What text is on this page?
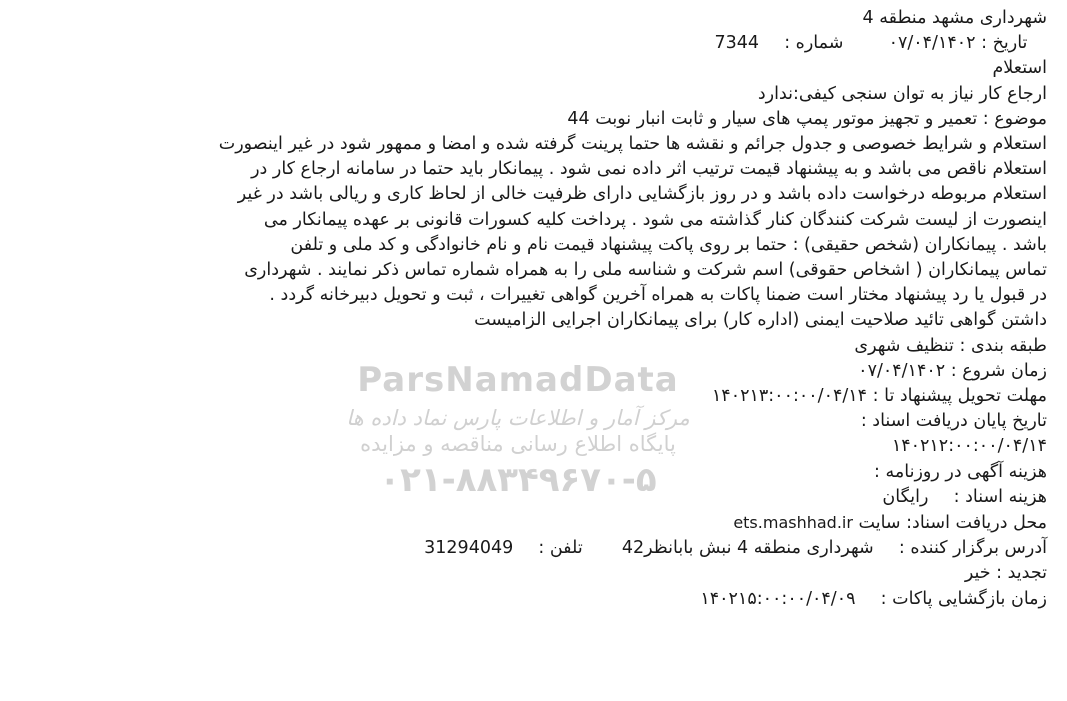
شهرداری مشهد منطقه 4
تاریخ : ۰۷/۰۴/۱۴۰۲  شماره :  7344
استعلام
ارجاع کار نیاز به توان سنجی کیفی:ندارد
موضوع : تعمیر و تجهیز موتور پمپ های سیار و ثابت انبار نوبت 44
استعلام و شرایط خصوصی و جدول جرائم و نقشه ها حتما پرینت گرفته شده و امضا و ممهور شود در غیر اینصورت
استعلام ناقص می باشد و به پیشنهاد قیمت ترتیب اثر داده نمی شود . پیمانکار باید حتما در سامانه ارجاع کار در
استعلام مربوطه درخواست داده باشد و در روز بازگشایی دارای ظرفیت خالی از لحاظ کاری و ریالی باشد در غیر
اینصورت از لیست شرکت کنندگان کنار گذاشته می شود . پرداخت کلیه کسورات قانونی بر عهده پیمانکار می
باشد . پیمانکاران (شخص حقیقی) : حتما بر روی پاکت پیشنهاد قیمت نام و نام خانوادگی و کد ملی و تلفن
تماس پیمانکاران ( اشخاص حقوقی) اسم شرکت و شناسه ملی را به همراه شماره تماس ذکر نمایند . شهرداری
در قبول یا رد پیشنهاد مختار است ضمنا پاکات به همراه آخرین گواهی تغییرات ، ثبت و تحویل دبیرخانه گردد .
داشتن گواهی تائید صلاحیت ایمنی (اداره کار) برای پیمانکاران اجرایی الزامیست
طبقه بندی : تنظیف شهری
زمان شروع : ۰۷/۰۴/۱۴۰۲
مهلت تحویل پیشنهاد تا : ۱۴۰۲۱۳:۰۰:۰۰/۰۴/۱۴
تاریخ پایان دریافت اسناد :
۱۴۰۲۱۲:۰۰:۰۰/۰۴/۱۴
هزینه آگهی در روزنامه :
هزینه اسناد :  رایگان
محل دریافت اسناد: سایت ets.mashhad.ir
آدرس برگزار کننده :  شهرداری منطقه 4 نبش بابانظر42  تلفن :  31294049
تجدید : خیر
زمان بازگشایی پاکات :  ۱۴۰۲۱۵:۰۰:۰۰/۰۴/۰۹
ParsNamadData
مرکز آمار و اطلاعات پارس نماد داده ها
پایگاه اطلاع رسانی مناقصه و مزایده
۰۲۱-۸۸۳۴۹۶۷۰-۵
